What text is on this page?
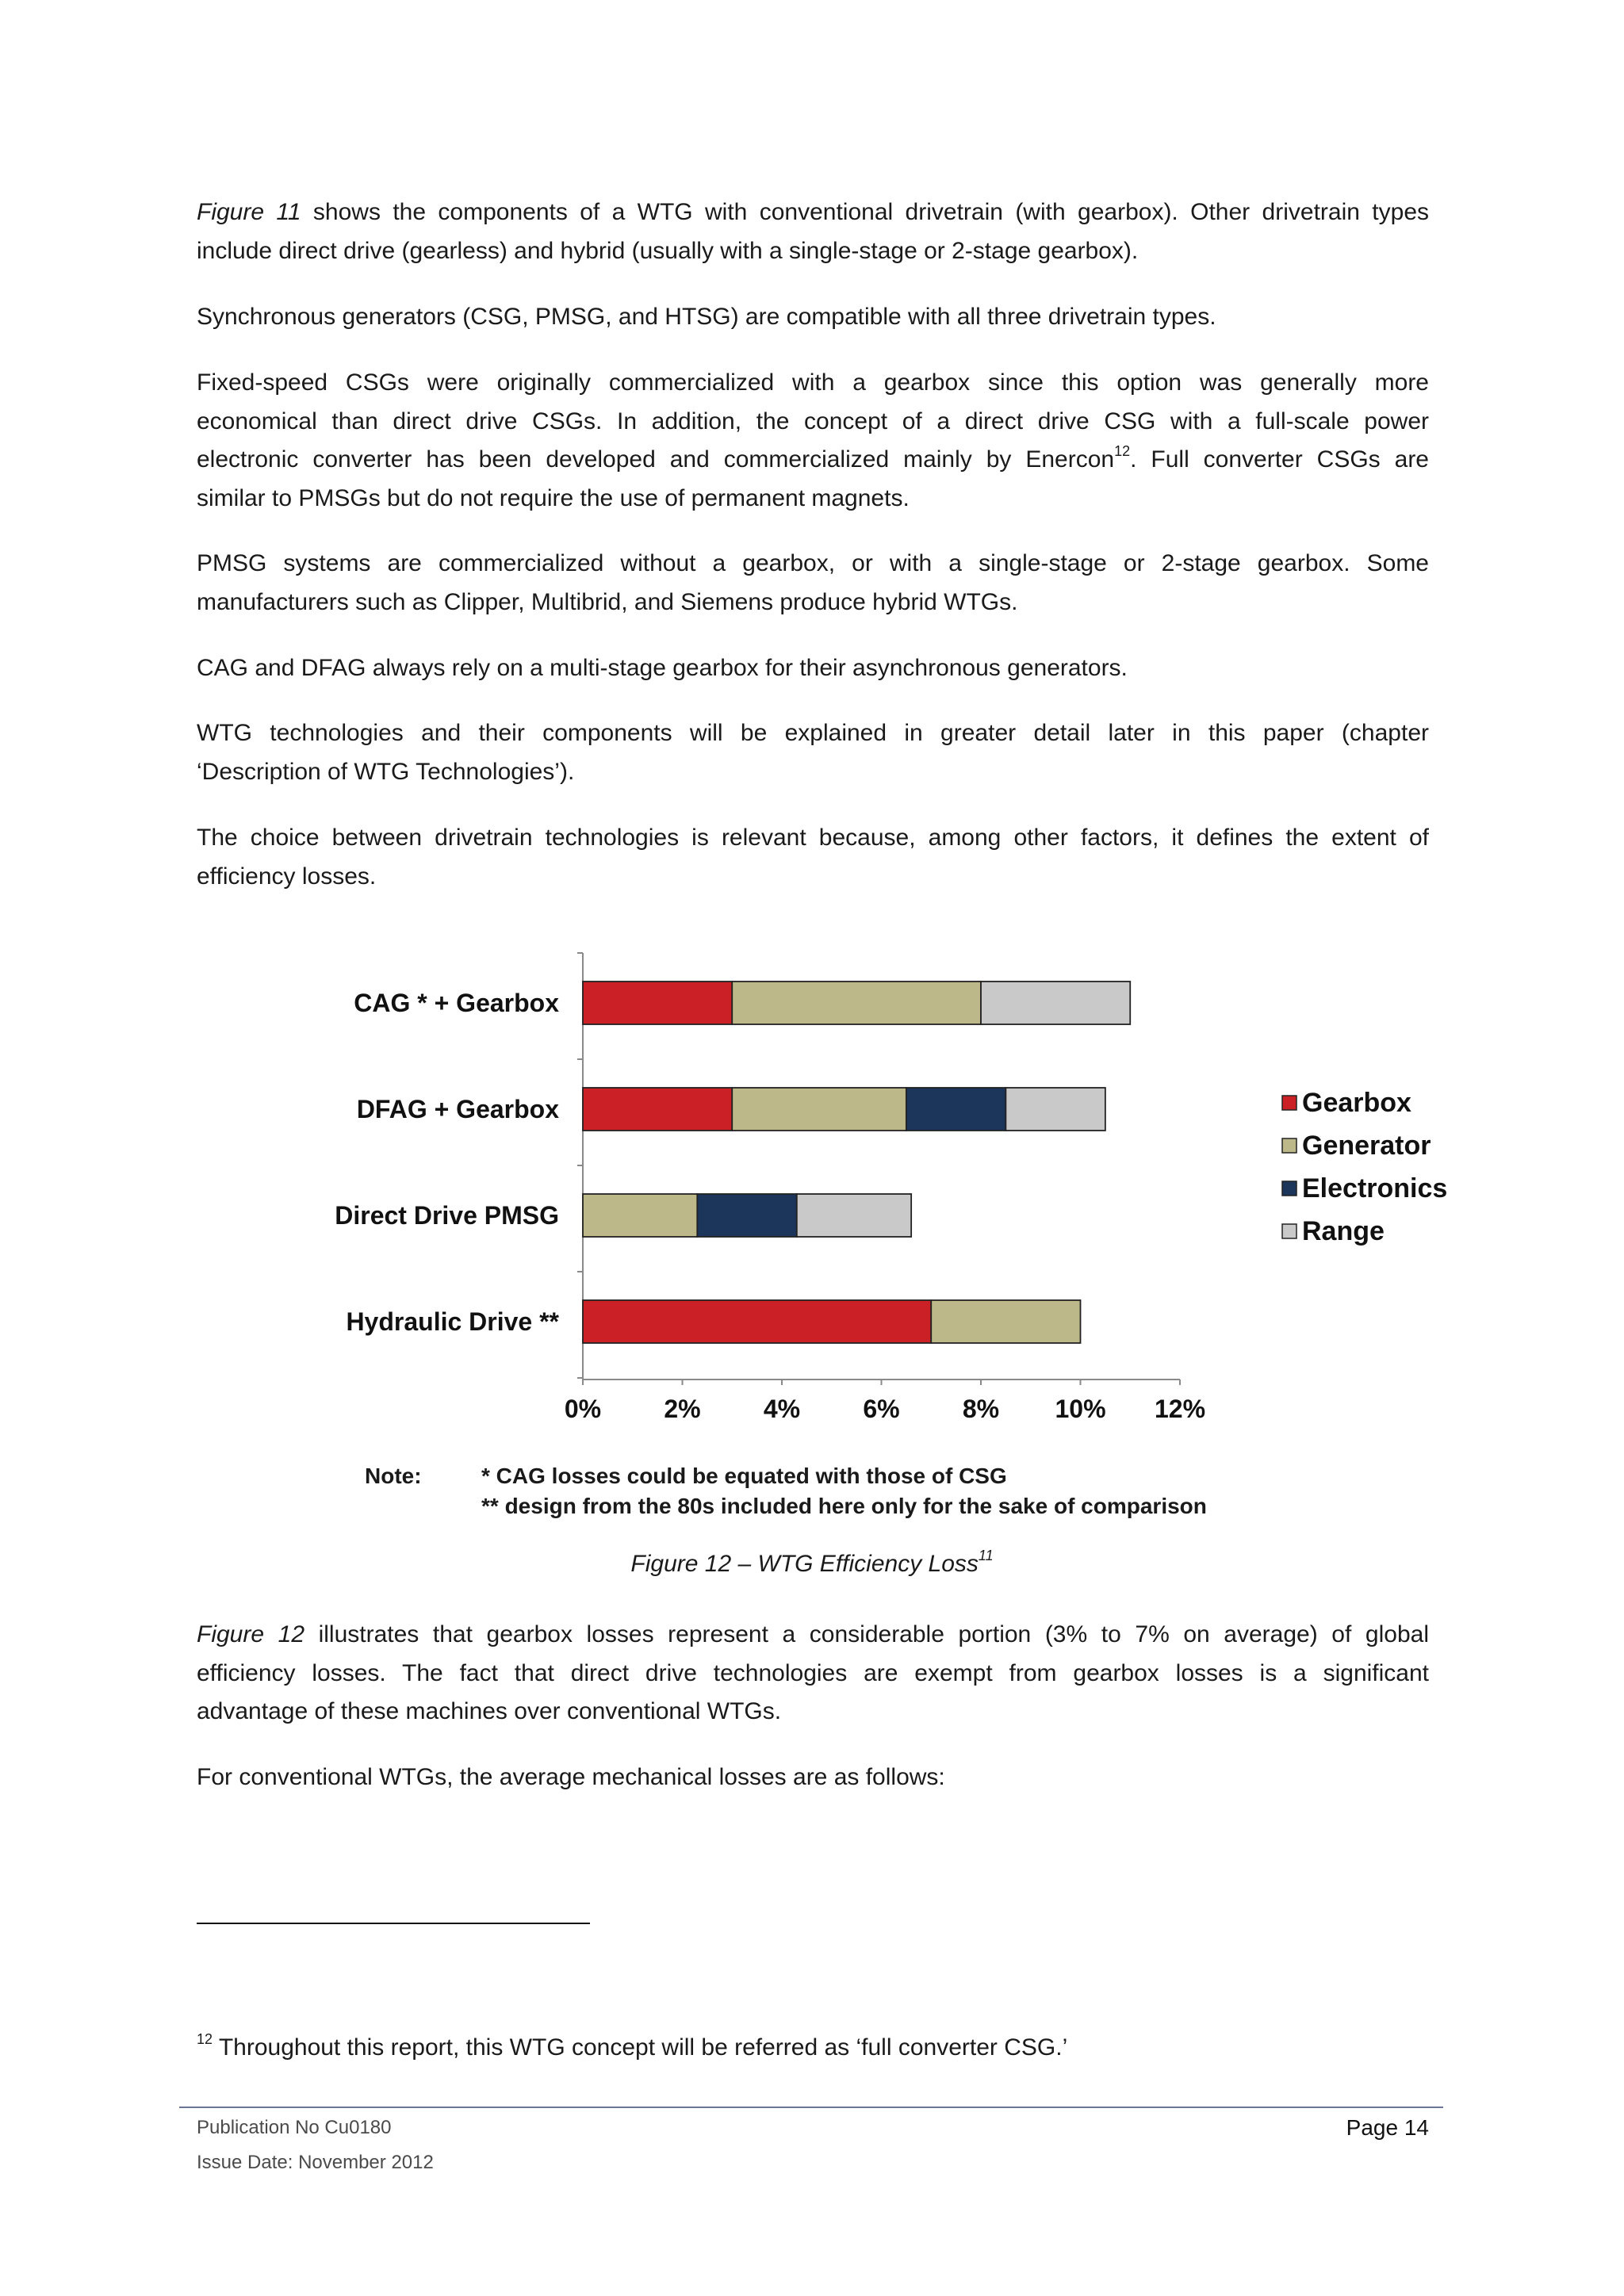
Figure 11 shows the components of a WTG with conventional drivetrain (with gearbox). Other drivetrain types
include direct drive (gearless) and hybrid (usually with a single-stage or 2-stage gearbox).
Synchronous generators (CSG, PMSG, and HTSG) are compatible with all three drivetrain types.
Fixed-speed CSGs were originally commercialized with a gearbox since this option was generally more
economical than direct drive CSGs. In addition, the concept of a direct drive CSG with a full-scale power
electronic converter has been developed and commercialized mainly by Enercon$^{12}$. Full converter CSGs are
similar to PMSGs but do not require the use of permanent magnets.
PMSG systems are commercialized without a gearbox, or with a single-stage or 2-stage gearbox. Some
manufacturers such as Clipper, Multibrid, and Siemens produce hybrid WTGs.
CAG and DFAG always rely on a multi-stage gearbox for their asynchronous generators.
WTG technologies and their components will be explained in greater detail later in this paper (chapter
‘Description of WTG Technologies’).
The choice between drivetrain technologies is relevant because, among other factors, it defines the extent of
efficiency losses.
0% 2% 4% 6% 8% 10% 12%
CAG * + Gearbox
DFAG + Gearbox
Direct Drive PMSG
Hydraulic Drive **
Gearbox
Generator
Electronics
Range
Note:	* CAG losses could be equated with those of CSG
** design from the 80s included here only for the sake of comparison
Figure 12 – WTG Efficiency Loss$^{11}$
Figure 12 illustrates that gearbox losses represent a considerable portion (3% to 7% on average) of global
efficiency losses. The fact that direct drive technologies are exempt from gearbox losses is a significant
advantage of these machines over conventional WTGs.
For conventional WTGs, the average mechanical losses are as follows:
$^{12}$ Throughout this report, this WTG concept will be referred as ‘full converter CSG.’
Publication No Cu0180
Issue Date: November 2012
Page 14
